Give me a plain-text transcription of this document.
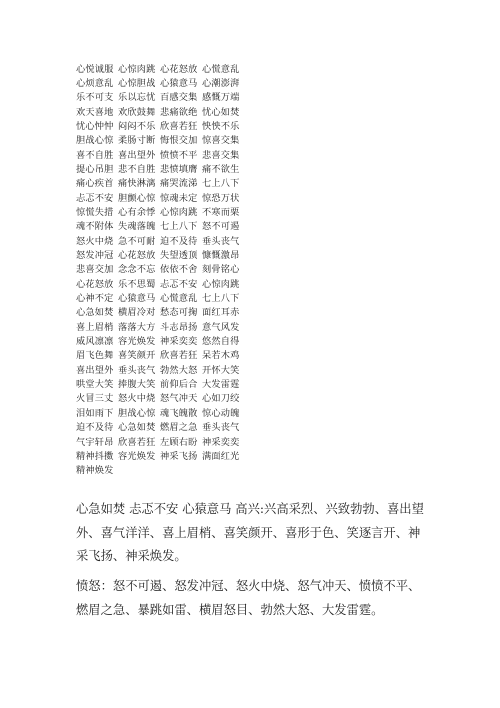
心悦诚服 心惊肉跳 心花怒放 心慌意乱
心烦意乱 心惊胆战 心猿意马 心潮澎湃
乐不可支 乐以忘忧 百感交集 感慨万端
欢天喜地 欢欣鼓舞 悲痛欲绝 忧心如焚
忧心忡忡 闷闷不乐 欣喜若狂 怏怏不乐
胆战心惊 柔肠寸断 悔恨交加 惊喜交集
喜不自胜 喜出望外 愤愤不平 悲喜交集
提心吊胆 悲不自胜 悲愤填膺 痛不欲生
痛心疾首 痛快淋漓 痛哭流涕 七上八下
忐忑不安 胆颤心惊 惊魂未定 惊恐万状
惊慌失措 心有余悸 心惊肉跳 不寒而栗
魂不附体 失魂落魄 七上八下 怒不可遏
怒火中烧 急不可耐 迫不及待 垂头丧气
怒发冲冠 心花怒放 失望透顶 慷慨激昂
悲喜交加 念念不忘 依依不舍 刻骨铭心
心花怒放 乐不思蜀 忐忑不安 心惊肉跳
心神不定 心猿意马 心慌意乱 七上八下
心急如焚 横眉冷对 愁态可掬 面红耳赤
喜上眉梢 落落大方 斗志昂扬 意气风发
威风凛凛 容光焕发 神采奕奕 悠然自得
眉飞色舞 喜笑颜开 欣喜若狂 呆若木鸡
喜出望外 垂头丧气 勃然大怒 开怀大笑
哄堂大笑 捧腹大笑 前仰后合 大发雷霆
火冒三丈 怒火中烧 怒气冲天 心如刀绞
泪如雨下 胆战心惊 魂飞魄散 惊心动魄
迫不及待 心急如焚 燃眉之急 垂头丧气
气宇轩昂 欣喜若狂 左顾右盼 神采奕奕
精神抖擞 容光焕发 神采飞扬 满面红光
精神焕发
心急如焚 忐忑不安 心猿意马 高兴:兴高采烈、兴致勃勃、喜出望外、喜气洋洋、喜上眉梢、喜笑颜开、喜形于色、笑逐言开、神采飞扬、神采焕发。
愤怒：怒不可遏、怒发冲冠、怒火中烧、怒气冲天、愤愤不平、燃眉之急、暴跳如雷、横眉怒目、勃然大怒、大发雷霆。
